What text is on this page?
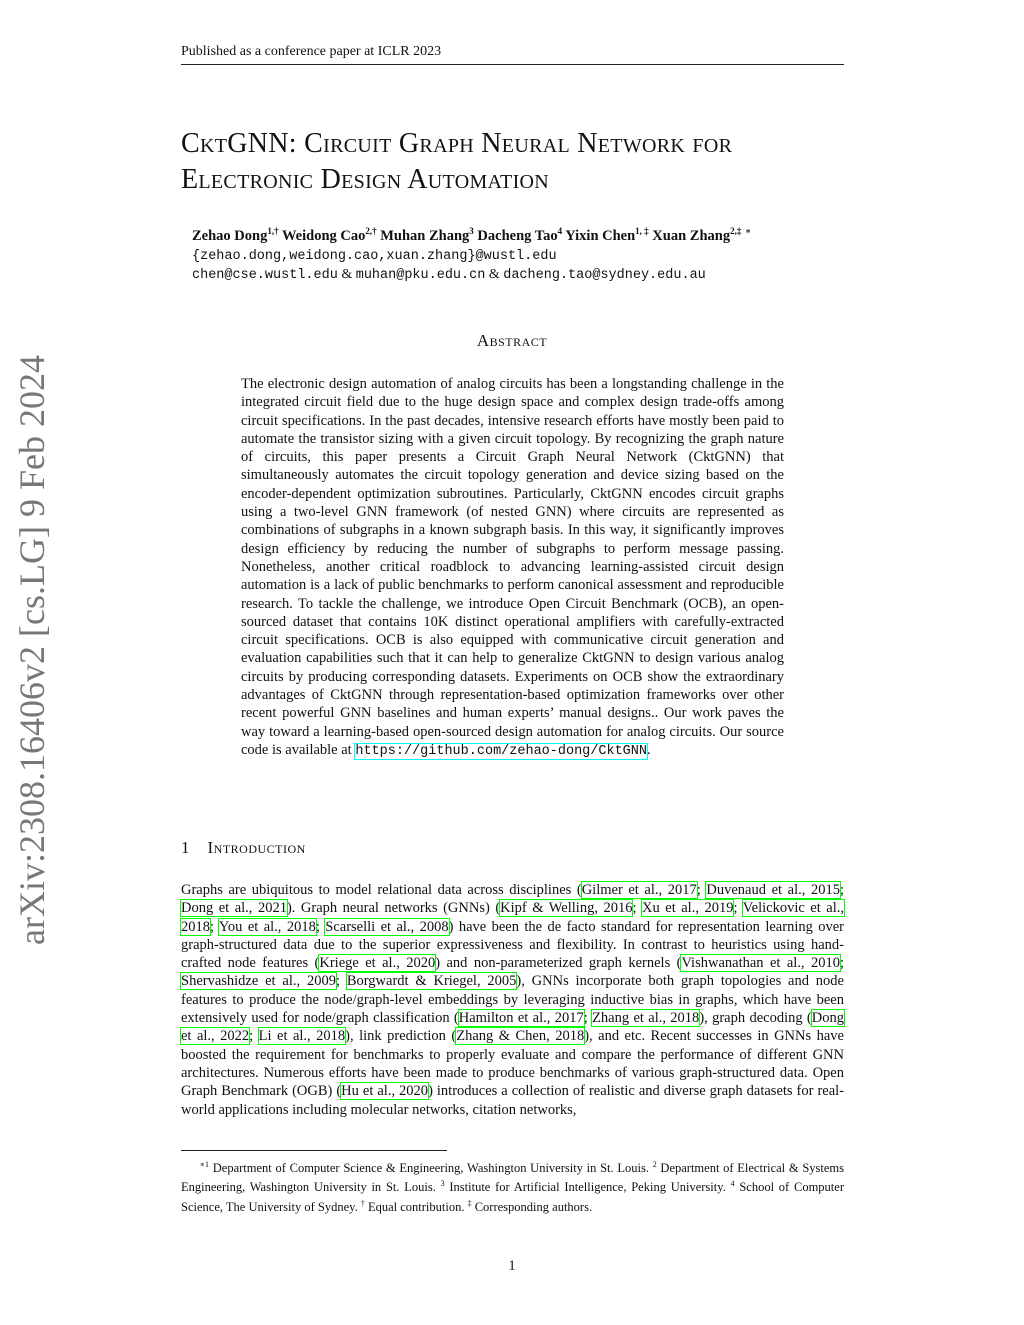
Published as a conference paper at ICLR 2023
arXiv:2308.16406v2 [cs.LG] 9 Feb 2024
CktGNN: Circuit Graph Neural Network for
Electronic Design Automation
Zehao Dong$^{1,\dagger}$ Weidong Cao$^{2,\dagger}$ Muhan Zhang$^3$ Dacheng Tao$^4$ Yixin Chen$^{1, \ddagger}$ Xuan Zhang$^{2,\ddagger}$ ∗
{zehao.dong,weidong.cao,xuan.zhang}@wustl.edu
chen@cse.wustl.edu & muhan@pku.edu.cn & dacheng.tao@sydney.edu.au
Abstract
The electronic design automation of analog circuits has been a longstanding challenge in the integrated circuit field due to the huge design space and complex design trade-offs among circuit specifications. In the past decades, intensive research efforts have mostly been paid to automate the transistor sizing with a given circuit topology. By recognizing the graph nature of circuits, this paper presents a Circuit Graph Neural Network (CktGNN) that simultaneously automates the circuit topology generation and device sizing based on the encoder-dependent optimization subroutines. Particularly, CktGNN encodes circuit graphs using a two-level GNN framework (of nested GNN) where circuits are represented as combinations of subgraphs in a known subgraph basis. In this way, it significantly improves design efficiency by reducing the number of subgraphs to perform message passing. Nonetheless, another critical roadblock to advancing learning-assisted circuit design automation is a lack of public benchmarks to perform canonical assessment and reproducible research. To tackle the challenge, we introduce Open Circuit Benchmark (OCB), an open-sourced dataset that contains 10K distinct operational amplifiers with carefully-extracted circuit specifications. OCB is also equipped with communicative circuit generation and evaluation capabilities such that it can help to generalize CktGNN to design various analog circuits by producing corresponding datasets. Experiments on OCB show the extraordinary advantages of CktGNN through representation-based optimization frameworks over other recent powerful GNN baselines and human experts’ manual designs.. Our work paves the way toward a learning-based open-sourced design automation for analog circuits. Our source code is available at https://github.com/zehao-dong/CktGNN.
1 Introduction
Graphs are ubiquitous to model relational data across disciplines (Gilmer et al., 2017; Duvenaud et al., 2015; Dong et al., 2021). Graph neural networks (GNNs) (Kipf & Welling, 2016; Xu et al., 2019; Velickovic et al., 2018; You et al., 2018; Scarselli et al., 2008) have been the de facto standard for representation learning over graph-structured data due to the superior expressiveness and flexibility. In contrast to heuristics using hand-crafted node features (Kriege et al., 2020) and non-parameterized graph kernels (Vishwanathan et al., 2010; Shervashidze et al., 2009; Borgwardt & Kriegel, 2005), GNNs incorporate both graph topologies and node features to produce the node/graph-level embeddings by leveraging inductive bias in graphs, which have been extensively used for node/graph classification (Hamilton et al., 2017; Zhang et al., 2018), graph decoding (Dong et al., 2022; Li et al., 2018), link prediction (Zhang & Chen, 2018), and etc. Recent successes in GNNs have boosted the requirement for benchmarks to properly evaluate and compare the performance of different GNN architectures. Numerous efforts have been made to produce benchmarks of various graph-structured data. Open Graph Benchmark (OGB) (Hu et al., 2020) introduces a collection of realistic and diverse graph datasets for real-world applications including molecular networks, citation networks,
$^{∗1}$ Department of Computer Science & Engineering, Washington University in St. Louis. $^2$ Department of Electrical & Systems Engineering, Washington University in St. Louis. $^3$ Institute for Artificial Intelligence, Peking University. $^4$ School of Computer Science, The University of Sydney. † Equal contribution. ‡ Corresponding authors.
1
